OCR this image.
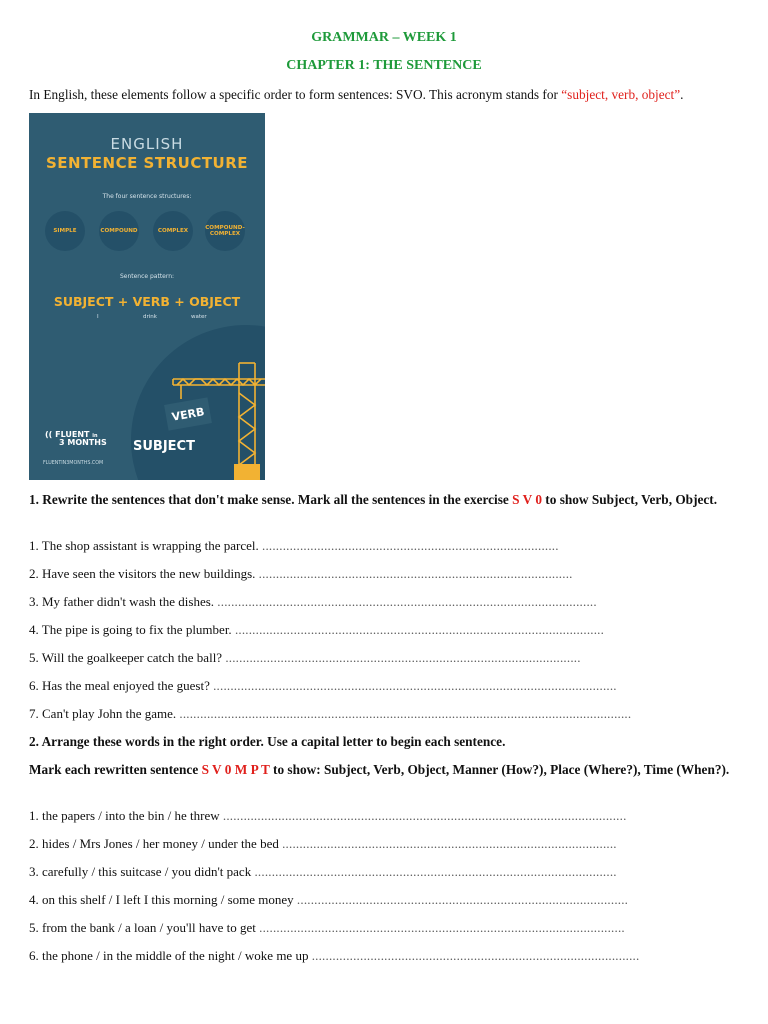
GRAMMAR – WEEK 1
CHAPTER 1: THE SENTENCE
In English, these elements follow a specific order to form sentences: SVO. This acronym stands for “subject, verb, object”.
ENGLISH
SENTENCE STRUCTURE
The four sentence structures:
SIMPLE	COMPOUND	COMPLEX
COMPOUND-COMPLEX
Sentence pattern:
SUBJECT + VERB + OBJECT
I	drink	water
VERB
SUBJECT
(( FLUENT in
3 MONTHS
FLUENTIN3MONTHS.COM
1. Rewrite the sentences that don't make sense. Mark all the sentences in the exercise S V 0 to show Subject, Verb, Object.
1. The shop assistant is wrapping the parcel. ......................................................................................
2. Have seen the visitors the new buildings. ...........................................................................................
3. My father didn't wash the dishes. ..............................................................................................................
4. The pipe is going to fix the plumber. ...........................................................................................................
5. Will the goalkeeper catch the ball? .......................................................................................................
6. Has the meal enjoyed the guest? .....................................................................................................................
7. Can't play John the game. ...................................................................................................................................
2. Arrange these words in the right order. Use a capital letter to begin each sentence.
Mark each rewritten sentence S V 0 M P T to show: Subject, Verb, Object, Manner (How?), Place (Where?), Time (When?).
1. the papers / into the bin / he threw .....................................................................................................................
2. hides / Mrs Jones / her money / under the bed .................................................................................................
3. carefully / this suitcase / you didn't pack .........................................................................................................
4. on this shelf / I left I this morning / some money ................................................................................................
5. from the bank / a loan / you'll have to get ..........................................................................................................
6. the phone / in the middle of the night / woke me up ...............................................................................................
